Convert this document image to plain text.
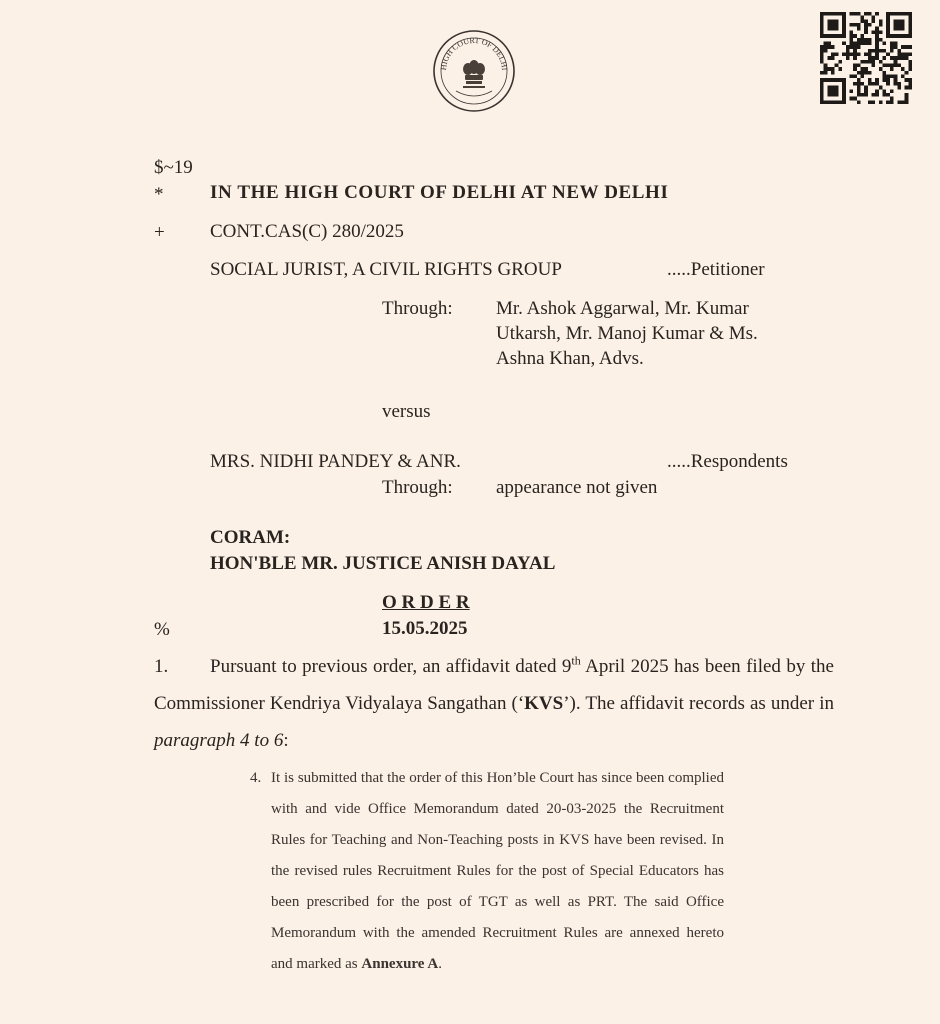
HIGH COURT OF DELHI
$~19
* IN THE HIGH COURT OF DELHI AT NEW DELHI
+ CONT.CAS(C) 280/2025
SOCIAL JURIST, A CIVIL RIGHTS GROUP	.....Petitioner
Through: Mr. Ashok Aggarwal, Mr. Kumar
Utkarsh, Mr. Manoj Kumar & Ms.
Ashna Khan, Advs.
versus
MRS. NIDHI PANDEY & ANR.	.....Respondents
Through: appearance not given
CORAM:
HON'BLE MR. JUSTICE ANISH DAYAL
O R D E R
%	15.05.2025
1. Pursuant to previous order, an affidavit dated 9th April 2025 has been filed by the Commissioner Kendriya Vidyalaya Sangathan (‘KVS’). The affidavit records as under in paragraph 4 to 6:
4. It is submitted that the order of this Hon’ble Court has since been complied with and vide Office Memorandum dated 20-03-2025 the Recruitment Rules for Teaching and Non-Teaching posts in KVS have been revised. In the revised rules Recruitment Rules for the post of Special Educators has been prescribed for the post of TGT as well as PRT. The said Office Memorandum with the amended Recruitment Rules are annexed hereto and marked as Annexure A.
